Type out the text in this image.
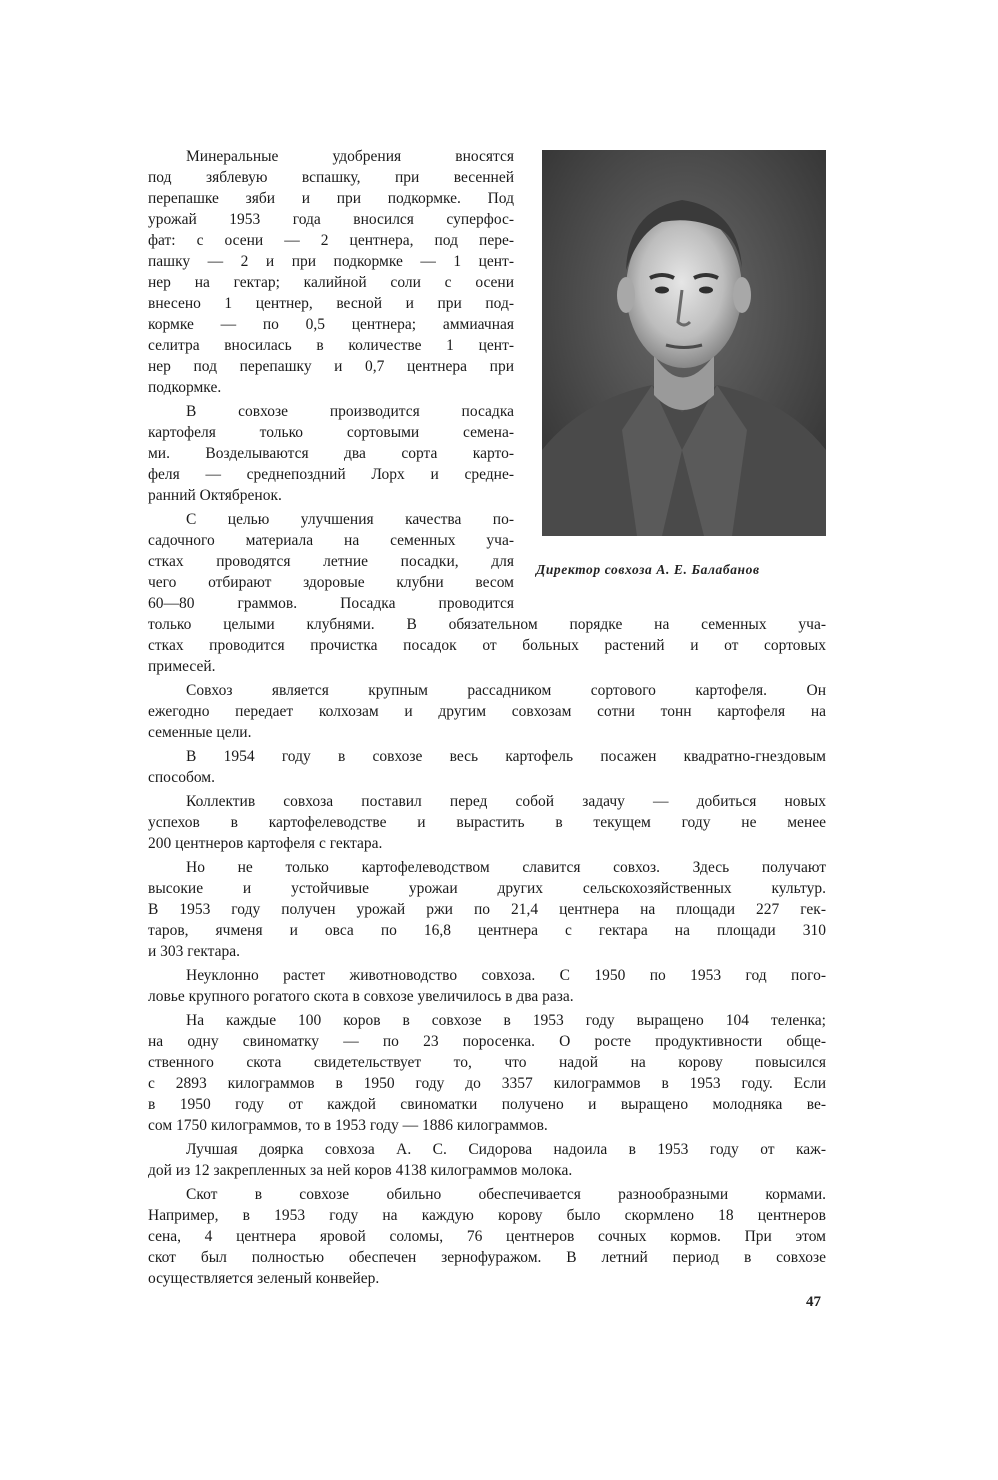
Директор совхоза А. Е. Балабанов

Минеральные удобрения вносятся

под зяблевую вспашку, при весенней

перепашке зяби и при подкормке. Под

урожай 1953 года вносился суперфос-

фат: с осени — 2 центнера, под пере-

пашку — 2 и при подкормке — 1 цент-

нер на гектар; калийной соли с осени

внесено 1 центнер, весной и при под-

кормке — по 0,5 центнера; аммиачная

селитра вносилась в количестве 1 цент-

нер под перепашку и 0,7 центнера при

подкормке.

В совхозе производится посадка

картофеля только сортовыми семена-

ми. Возделываются два сорта карто-

феля — среднепоздний Лорх и средне-

ранний Октябренок.

С целью улучшения качества по-

садочного материала на семенных уча-

стках проводятся летние посадки, для

чего отбирают здоровые клубни весом

60—80 граммов. Посадка проводится

только целыми клубнями. В обязательном порядке на семенных уча-

стках проводится прочистка посадок от больных растений и от сортовых

примесей.

Совхоз является крупным рассадником сортового картофеля. Он

ежегодно передает колхозам и другим совхозам сотни тонн картофеля на

семенные цели.

В 1954 году в совхозе весь картофель посажен квадратно-гнездовым

способом.

Коллектив совхоза поставил перед собой задачу — добиться новых

успехов в картофелеводстве и вырастить в текущем году не менее

200 центнеров картофеля с гектара.

Но не только картофелеводством славится совхоз. Здесь получают

высокие и устойчивые урожаи других сельскохозяйственных культур.

В 1953 году получен урожай ржи по 21,4 центнера на площади 227 гек-

таров, ячменя и овса по 16,8 центнера с гектара на площади 310

и 303 гектара.

Неуклонно растет животноводство совхоза. С 1950 по 1953 год пого-

ловье крупного рогатого скота в совхозе увеличилось в два раза.

На каждые 100 коров в совхозе в 1953 году выращено 104 теленка;

на одну свиноматку — по 23 поросенка. О росте продуктивности обще-

ственного скота свидетельствует то, что надой на корову повысился

с 2893 килограммов в 1950 году до 3357 килограммов в 1953 году. Если

в 1950 году от каждой свиноматки получено и выращено молодняка ве-

сом 1750 килограммов, то в 1953 году — 1886 килограммов.

Лучшая доярка совхоза А. С. Сидорова надоила в 1953 году от каж-

дой из 12 закрепленных за ней коров 4138 килограммов молока.

Скот в совхозе обильно обеспечивается разнообразными кормами.

Например, в 1953 году на каждую корову было скормлено 18 центнеров

сена, 4 центнера яровой соломы, 76 центнеров сочных кормов. При этом

скот был полностью обеспечен зернофуражом. В летний период в совхозе

осуществляется зеленый конвейер.

47
